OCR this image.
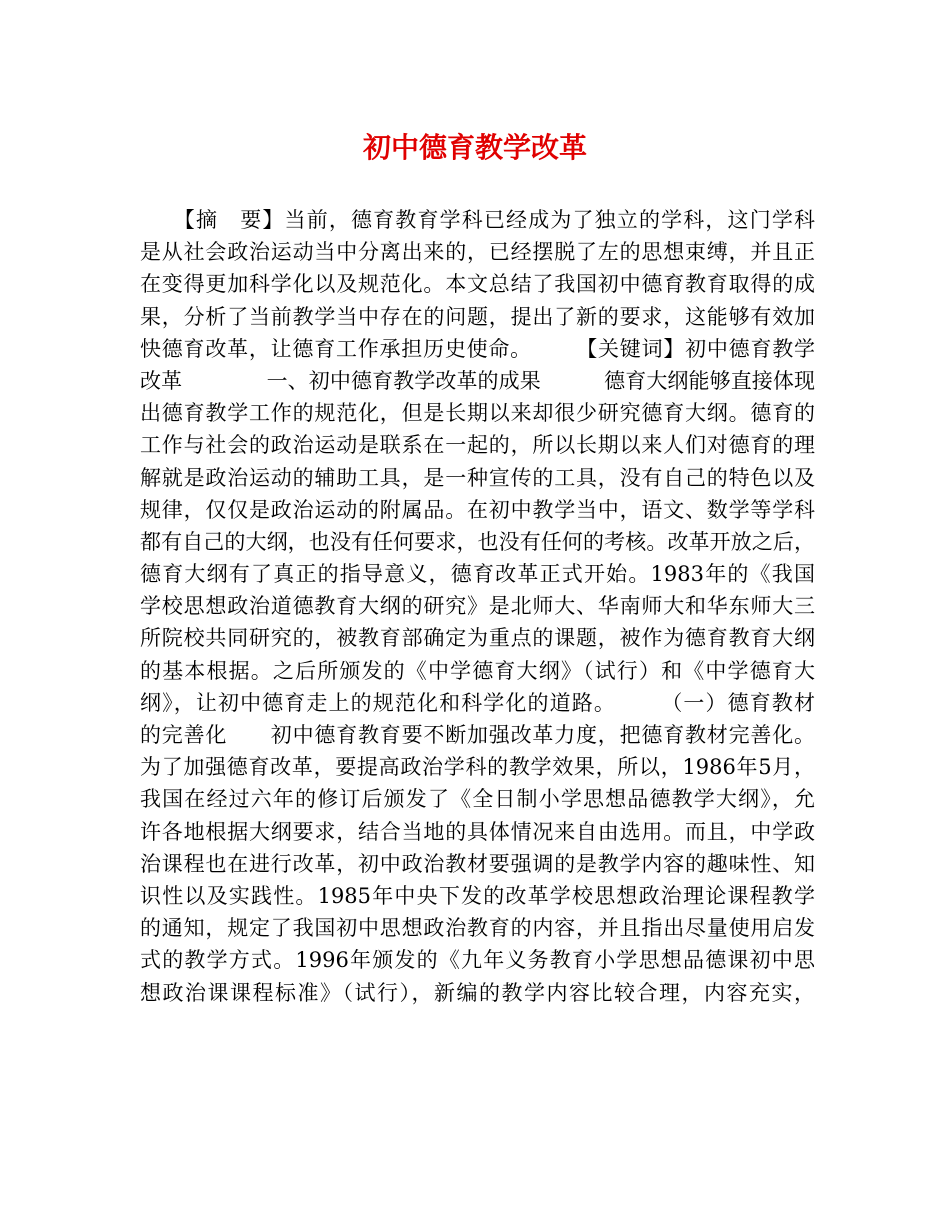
初中德育教学改革
　　【摘　要】当前，德育教育学科已经成为了独立的学科，这门学科
是从社会政治运动当中分离出来的，已经摆脱了左的思想束缚，并且正
在变得更加科学化以及规范化。本文总结了我国初中德育教育取得的成
果，分析了当前教学当中存在的问题，提出了新的要求，这能够有效加
快德育改革，让德育工作承担历史使命。　　　【关键词】初中德育教学
改革　　　　一、初中德育教学改革的成果　　　德育大纲能够直接体现
出德育教学工作的规范化，但是长期以来却很少研究德育大纲。德育的
工作与社会的政治运动是联系在一起的，所以长期以来人们对德育的理
解就是政治运动的辅助工具，是一种宣传的工具，没有自己的特色以及
规律，仅仅是政治运动的附属品。在初中教学当中，语文、数学等学科
都有自己的大纲，也没有任何要求，也没有任何的考核。改革开放之后，
德育大纲有了真正的指导意义，德育改革正式开始。1983年的《我国
学校思想政治道德教育大纲的研究》是北师大、华南师大和华东师大三
所院校共同研究的，被教育部确定为重点的课题，被作为德育教育大纲
的基本根据。之后所颁发的《中学德育大纲》（试行）和《中学德育大
纲》，让初中德育走上的规范化和科学化的道路。　　　（一）德育教材
的完善化　　初中德育教育要不断加强改革力度，把德育教材完善化。
为了加强德育改革，要提高政治学科的教学效果，所以，1986年5月，
我国在经过六年的修订后颁发了《全日制小学思想品德教学大纲》，允
许各地根据大纲要求，结合当地的具体情况来自由选用。而且，中学政
治课程也在进行改革，初中政治教材要强调的是教学内容的趣味性、知
识性以及实践性。1985年中央下发的改革学校思想政治理论课程教学
的通知，规定了我国初中思想政治教育的内容，并且指出尽量使用启发
式的教学方式。1996年颁发的《九年义务教育小学思想品德课初中思
想政治课课程标准》（试行），新编的教学内容比较合理，内容充实，
